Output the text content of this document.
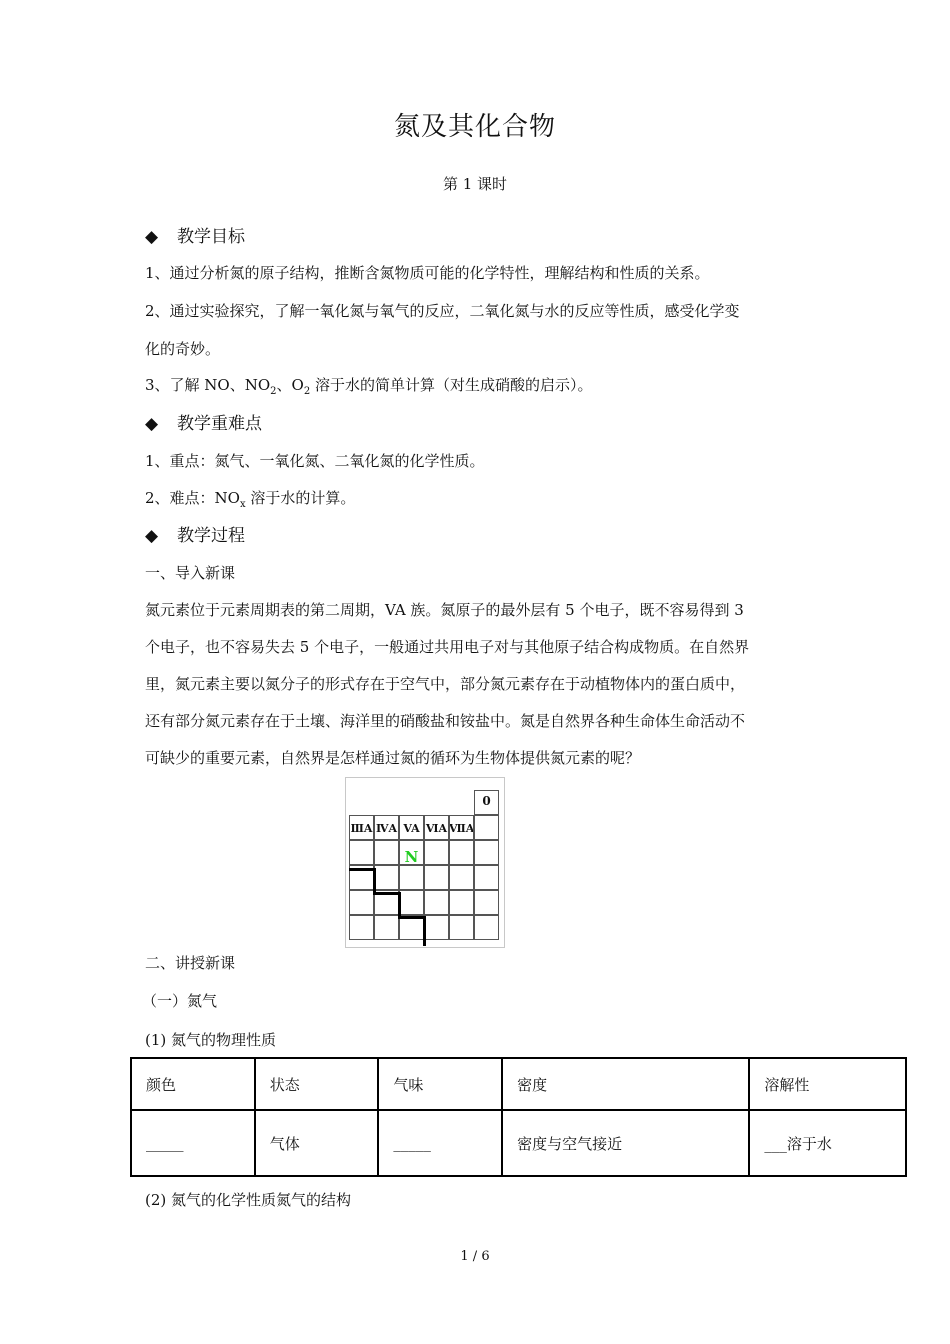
氮及其化合物
第 1 课时
◆ 教学目标
1、通过分析氮的原子结构，推断含氮物质可能的化学特性，理解结构和性质的关系。
2、通过实验探究，了解一氧化氮与氧气的反应，二氧化氮与水的反应等性质，感受化学变
化的奇妙。
3、了解 NO、$NO_2$、$O_2$ 溶于水的简单计算（对生成硝酸的启示）。
◆ 教学重难点
1、重点：氮气、一氧化氮、二氧化氮的化学性质。
2、难点：$NO_x$ 溶于水的计算。
◆ 教学过程
一、导入新课
氮元素位于元素周期表的第二周期，VA 族。氮原子的最外层有 5 个电子，既不容易得到 3
个电子，也不容易失去 5 个电子，一般通过共用电子对与其他原子结合构成物质。在自然界
里，氮元素主要以氮分子的形式存在于空气中，部分氮元素存在于动植物体内的蛋白质中，
还有部分氮元素存在于土壤、海洋里的硝酸盐和铵盐中。氮是自然界各种生命体生命活动不
可缺少的重要元素，自然界是怎样通过氮的循环为生物体提供氮元素的呢？
0
ⅢA ⅣA VA ⅥA ⅦA
N
二、讲授新课
（一）氮气
(1) 氮气的物理性质
颜色	状态	气味	密度	溶解性
_____	气体	_____	密度与空气接近	___溶于水
(2) 氮气的化学性质氮气的结构
1 / 6
